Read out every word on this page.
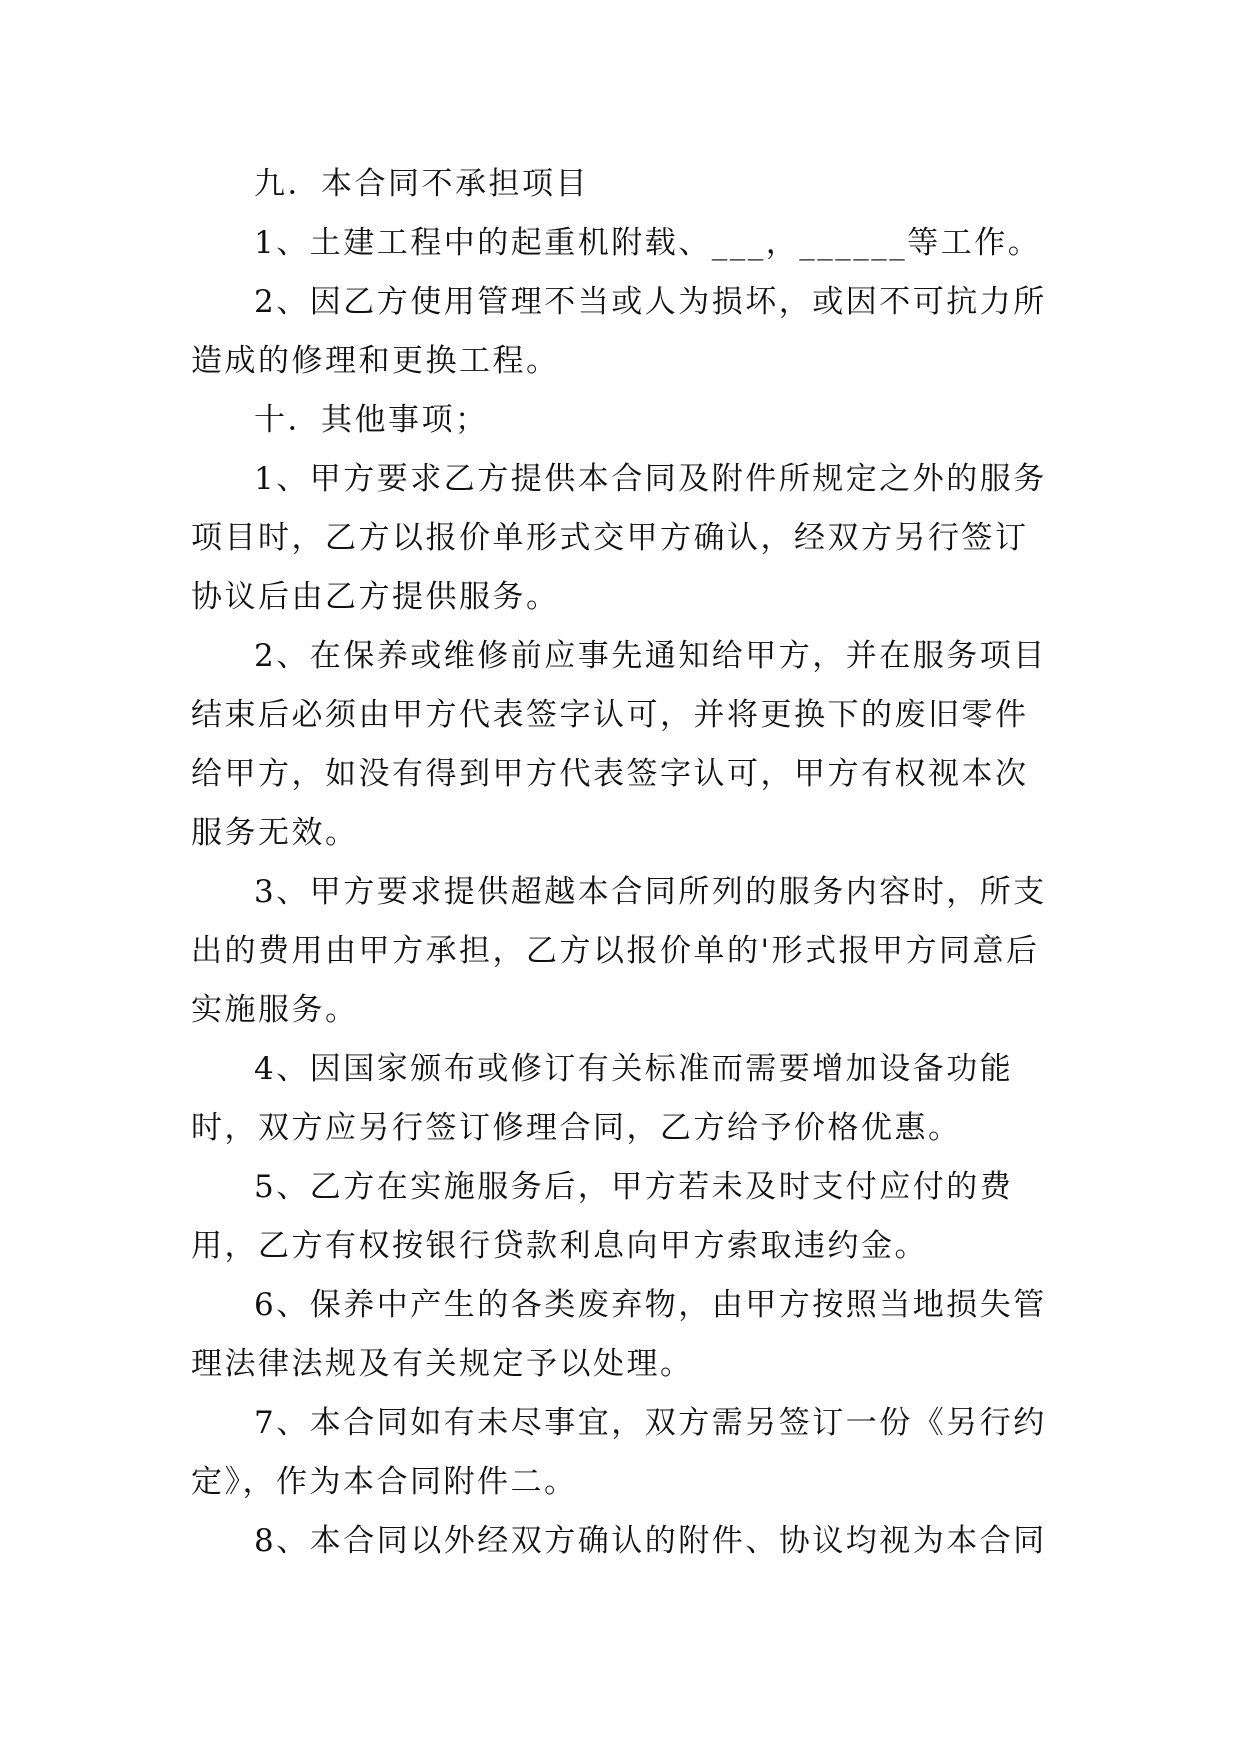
九．本合同不承担项目

1、土建工程中的起重机附载、___，______等工作。

2、因乙方使用管理不当或人为损坏，或因不可抗力所造成的修理和更换工程。

十．其他事项；

1、甲方要求乙方提供本合同及附件所规定之外的服务项目时，乙方以报价单形式交甲方确认，经双方另行签订协议后由乙方提供服务。

2、在保养或维修前应事先通知给甲方，并在服务项目结束后必须由甲方代表签字认可，并将更换下的废旧零件给甲方，如没有得到甲方代表签字认可，甲方有权视本次服务无效。

3、甲方要求提供超越本合同所列的服务内容时，所支出的费用由甲方承担，乙方以报价单的'形式报甲方同意后实施服务。

4、因国家颁布或修订有关标准而需要增加设备功能时，双方应另行签订修理合同，乙方给予价格优惠。

5、乙方在实施服务后，甲方若未及时支付应付的费用，乙方有权按银行贷款利息向甲方索取违约金。

6、保养中产生的各类废弃物，由甲方按照当地损失管理法律法规及有关规定予以处理。

7、本合同如有未尽事宜，双方需另签订一份《另行约定》，作为本合同附件二。

8、本合同以外经双方确认的附件、协议均视为本合同
